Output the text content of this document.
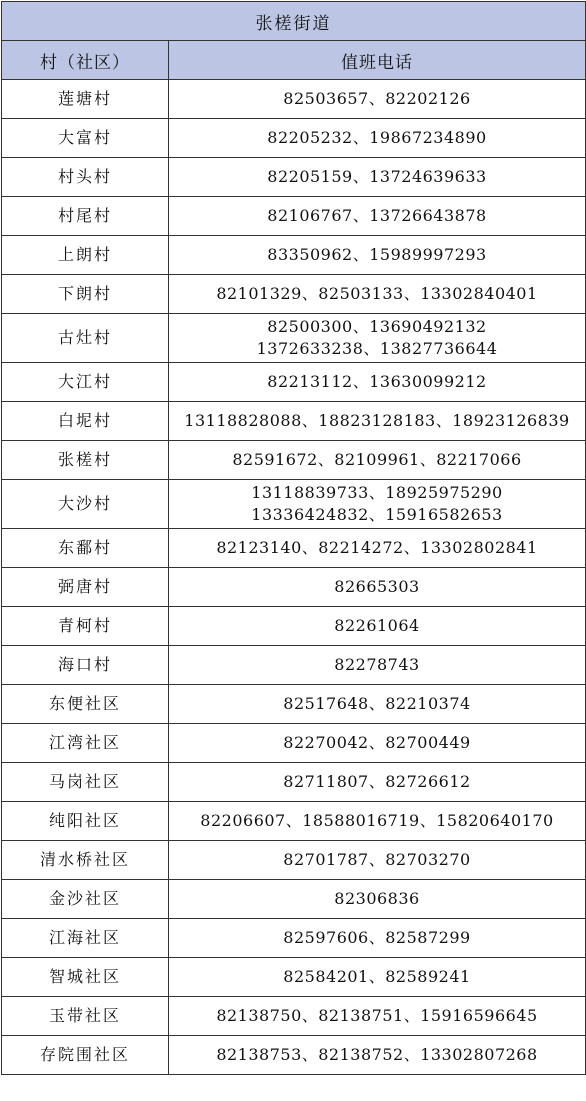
张槎街道	
村（社区）	值班电话
莲塘村	82503657、82202126

大富村	82205232、19867234890

村头村	82205159、13724639633

村尾村	82106767、13726643878

上朗村	83350962、15989997293

下朗村	82101329、82503133、13302840401

古灶村	82500300、13690492132
1372633238、13827736644

大江村	82213112、13630099212

白坭村	13118828088、18823128183、18923126839

张槎村	82591672、82109961、82217066

大沙村	13118839733、18925975290
13336424832、15916582653

东鄱村	82123140、82214272、13302802841

弼唐村	82665303

青柯村	82261064

海口村	82278743

东便社区	82517648、82210374

江湾社区	82270042、82700449

马岗社区	82711807、82726612

纯阳社区	82206607、18588016719、15820640170

清水桥社区	82701787、82703270

金沙社区	82306836

江海社区	82597606、82587299

智城社区	82584201、82589241

玉带社区	82138750、82138751、15916596645

存院围社区	82138753、82138752、13302807268
